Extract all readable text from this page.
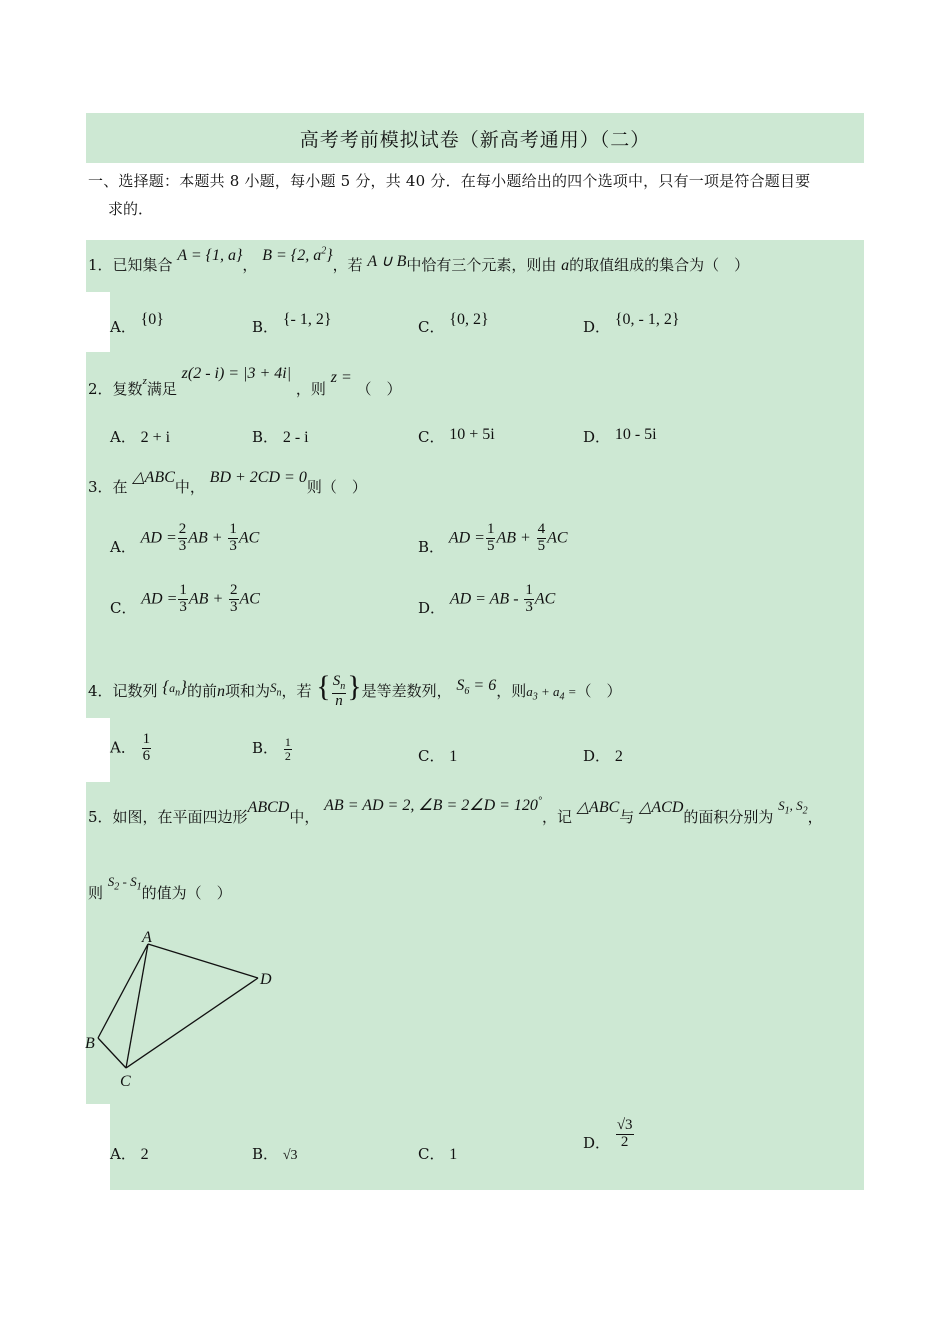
高考考前模拟试卷（新高考通用）（二）
一、选择题：本题共 8 小题，每小题 5 分，共 40 分．在每小题给出的四个选项中，只有一项是符合题目要
求的．
1．已知集合 A = {1, a}， B = {2, $a^2$}，若 A ∪ B中恰有三个元素，则由 a的取值组成的集合为（　）
A． {0}	B． {- 1, 2}	C． {0, 2}	D． {0, - 1, 2}
2．复数$^z$满足 z(2 - i) = |3 + 4i| ，则 z = （　）
A． 2 + i	B． 2 - i	C． 10 + 5i	D． 10 - 5i
3．在 △ABC中， BD + 2CD = 0则（　）
A． AD = $\frac{2}{3}$ AB + $\frac{1}{3}$ AC
B． AD = $\frac{1}{5}$ AB + $\frac{4}{5}$ AC
C． AD = $\frac{1}{3}$ AB + $\frac{2}{3}$ AC
D． AD = AB - $\frac{1}{3}$ AC
4．记数列 $^{\{a_n\}}$的前n项和为$S_n$，若 { $\frac{S_n}{n}$ }是等差数列， $S_6 = 6$，则$a_3 + a_4$ =（　）
A． $\frac{1}{6}$	B． $\frac{1}{2}$	C． 1	D． 2
5．如图，在平面四边形ABCD中， AB = AD = 2, ∠B = 2∠D = 120°，记 △ABC与 △ACD的面积分别为 $S_1$, $S_2$，
则 $S_2 - S_1$的值为（　）
A
B
C
D
A． 2	B． √3	C． 1
D． $\frac{√3}{2}$
